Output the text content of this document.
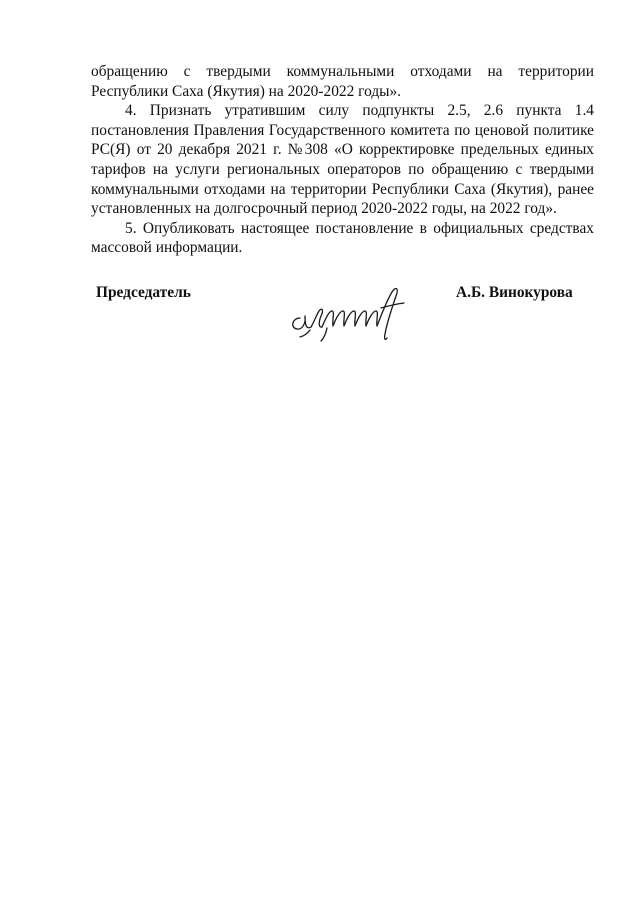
обращению с твердыми коммунальными отходами на территории Республики Саха (Якутия) на 2020-2022 годы».

4. Признать утратившим силу подпункты 2.5, 2.6 пункта 1.4 постановления Правления Государственного комитета по ценовой политике РС(Я) от 20 декабря 2021 г. №308 «О корректировке предельных единых тарифов на услуги региональных операторов по обращению с твердыми коммунальными отходами на территории Республики Саха (Якутия), ранее установленных на долгосрочный период 2020-2022 годы, на 2022 год».

5. Опубликовать настоящее постановление в официальных средствах массовой информации.

Председатель	А.Б. Винокурова
